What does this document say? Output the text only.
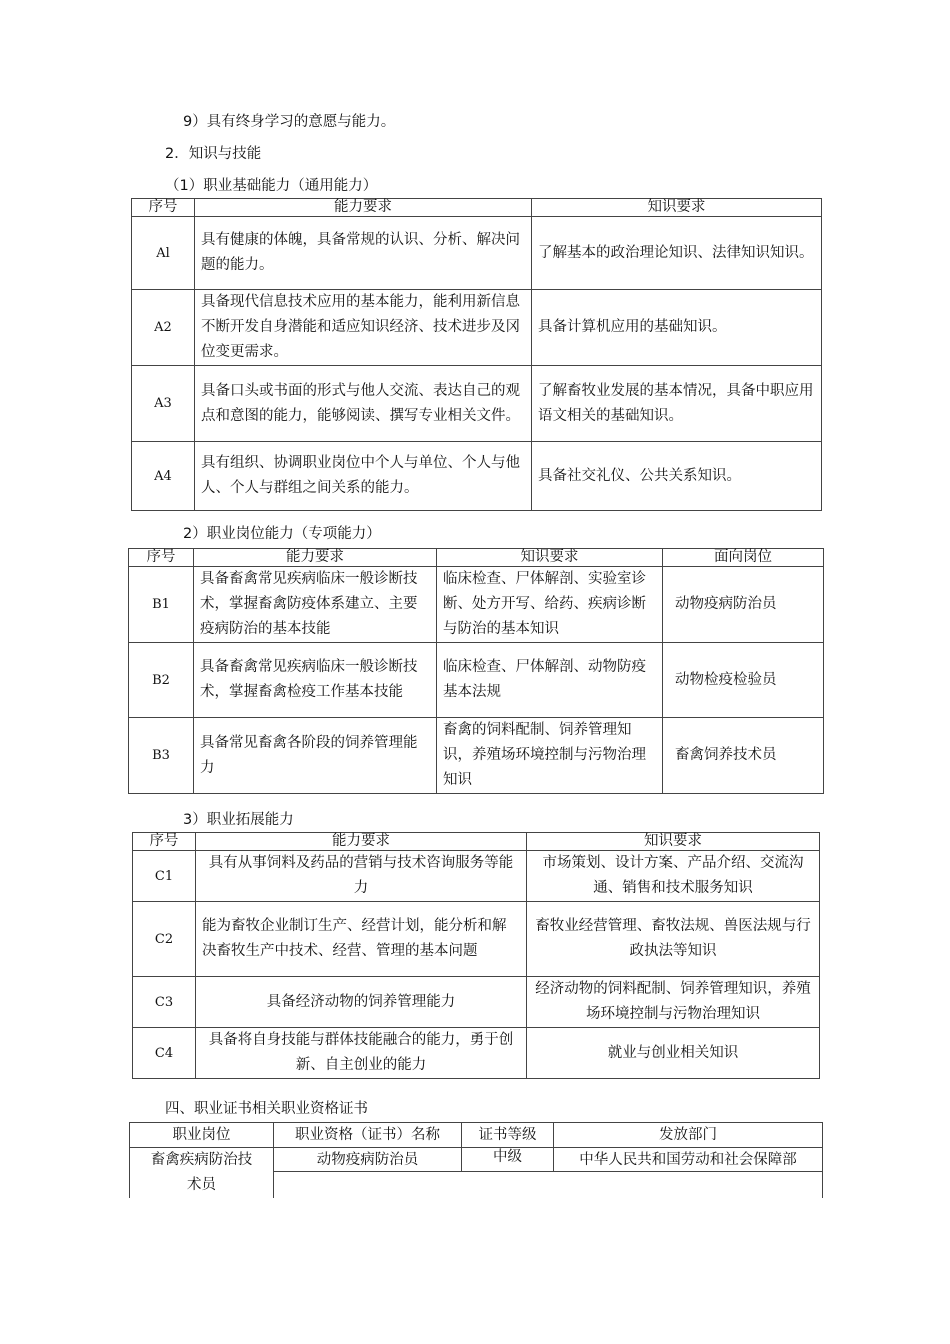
9）具有终身学习的意愿与能力。
2．知识与技能
（1）职业基础能力（通用能力）
序号	能力要求	知识要求
Al	具有健康的体魄，具备常规的认识、分析、解决问题的能力。	了解基本的政治理论知识、法律知识知识。
A2	具备现代信息技术应用的基本能力，能利用新信息不断开发自身潜能和适应知识经济、技术进步及冈位变更需求。	具备计算机应用的基础知识。
A3	具备口头或书面的形式与他人交流、表达自己的观点和意图的能力，能够阅读、撰写专业相关文件。	了解畜牧业发展的基本情况，具备中职应用语文相关的基础知识。
A4	具有组织、协调职业岗位中个人与单位、个人与他人、个人与群组之间关系的能力。	具备社交礼仪、公共关系知识。
2）职业岗位能力（专项能力）
序号	能力要求	知识要求	面向岗位
B1	具备畜禽常见疾病临床一般诊断技术，掌握畜禽防疫体系建立、主要疫病防治的基本技能	临床检查、尸体解剖、实验室诊断、处方开写、给药、疾病诊断与防治的基本知识	动物疫病防治员
B2	具备畜禽常见疾病临床一般诊断技术，掌握畜禽检疫工作基本技能	临床检查、尸体解剖、动物防疫基本法规	动物检疫检验员
B3	具备常见畜禽各阶段的饲养管理能力	畜禽的饲料配制、饲养管理知识，养殖场环境控制与污物治理知识	畜禽饲养技术员
3）职业拓展能力
序号	能力要求	知识要求
C1	具有从事饲料及药品的营销与技术咨询服务等能力	市场策划、设计方案、产品介绍、交流沟通、销售和技术服务知识
C2	能为畜牧企业制订生产、经营计划，能分析和解决畜牧生产中技术、经营、管理的基本问题	畜牧业经营管理、畜牧法规、兽医法规与行政执法等知识
C3	具备经济动物的饲养管理能力	经济动物的饲料配制、饲养管理知识，养殖场环境控制与污物治理知识
C4	具备将自身技能与群体技能融合的能力，勇于创新、自主创业的能力	就业与创业相关知识
四、职业证书相关职业资格证书
职业岗位	职业资格（证书）名称	证书等级	发放部门
畜禽疾病防治技	动物疫病防治员	中级	中华人民共和国劳动和社会保障部
术员			
